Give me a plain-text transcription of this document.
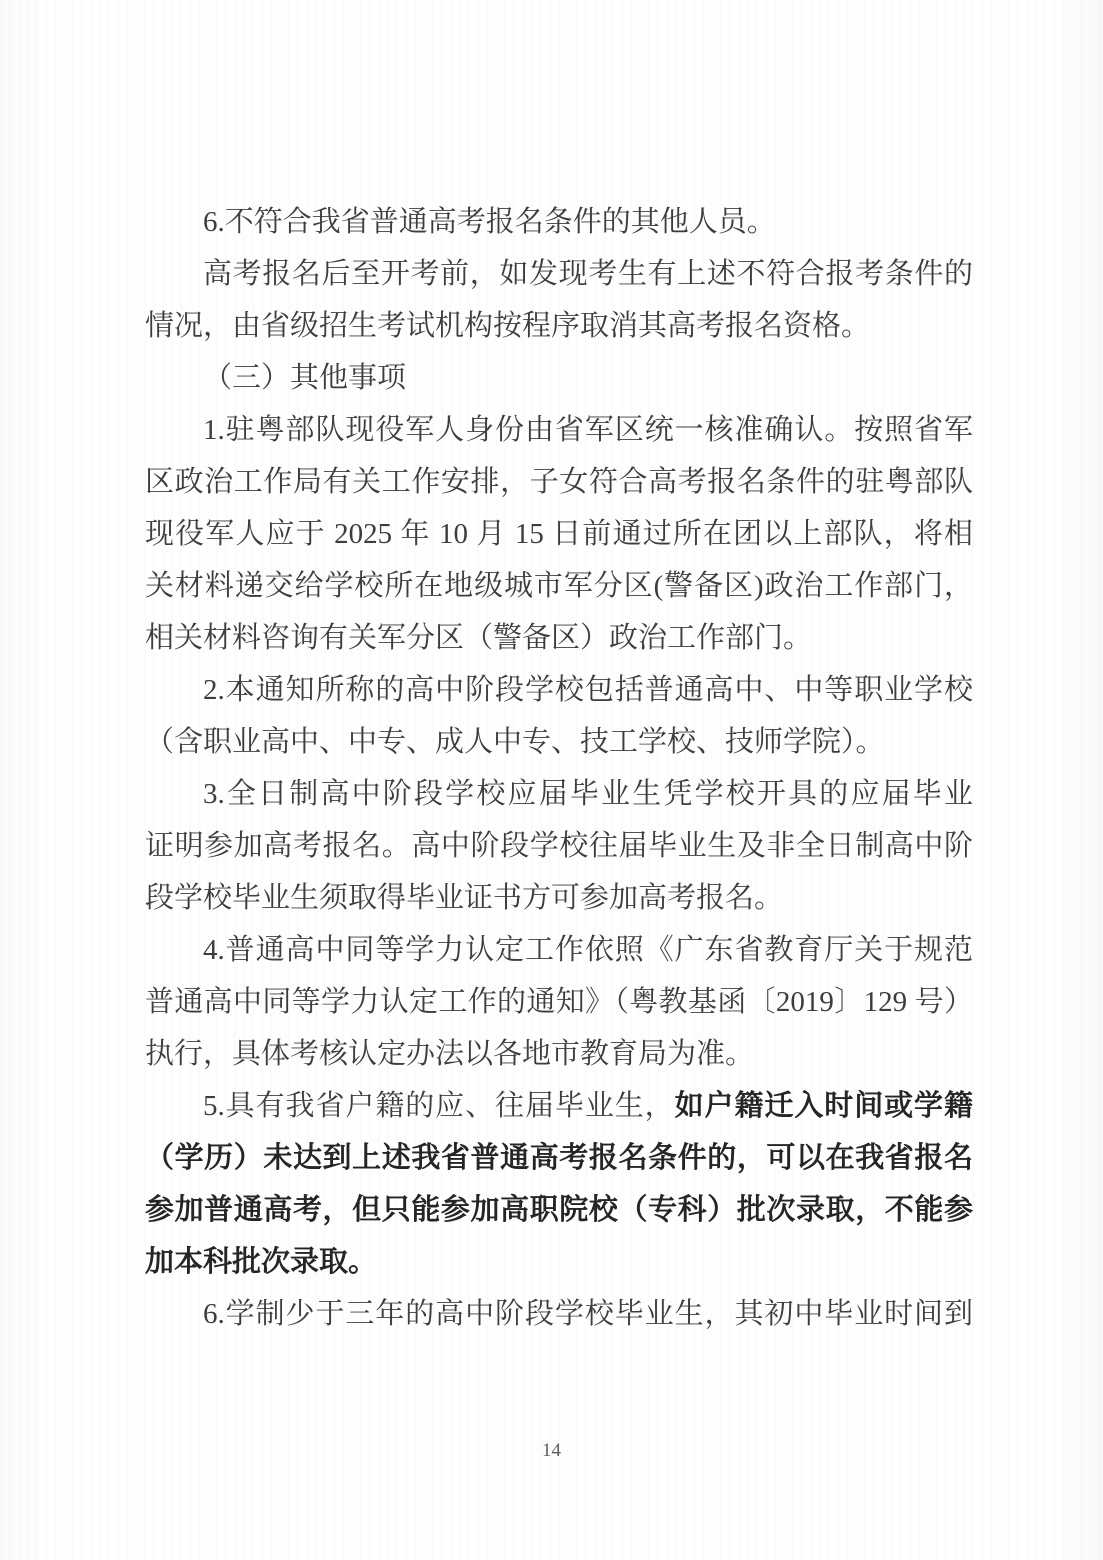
6.不符合我省普通高考报名条件的其他人员。
高考报名后至开考前，如发现考生有上述不符合报考条件的
情况，由省级招生考试机构按程序取消其高考报名资格。
（三）其他事项
1.驻粤部队现役军人身份由省军区统一核准确认。按照省军
区政治工作局有关工作安排，子女符合高考报名条件的驻粤部队
现役军人应于 2025 年 10 月 15 日前通过所在团以上部队，将相
关材料递交给学校所在地级城市军分区(警备区)政治工作部门，
相关材料咨询有关军分区（警备区）政治工作部门。
2.本通知所称的高中阶段学校包括普通高中、中等职业学校
（含职业高中、中专、成人中专、技工学校、技师学院）。
3.全日制高中阶段学校应届毕业生凭学校开具的应届毕业
证明参加高考报名。高中阶段学校往届毕业生及非全日制高中阶
段学校毕业生须取得毕业证书方可参加高考报名。
4.普通高中同等学力认定工作依照《广东省教育厅关于规范
普通高中同等学力认定工作的通知》（粤教基函〔2019〕129 号）
执行，具体考核认定办法以各地市教育局为准。
5.具有我省户籍的应、往届毕业生，如户籍迁入时间或学籍
（学历）未达到上述我省普通高考报名条件的，可以在我省报名
参加普通高考，但只能参加高职院校（专科）批次录取，不能参
加本科批次录取。
6.学制少于三年的高中阶段学校毕业生，其初中毕业时间到
14
